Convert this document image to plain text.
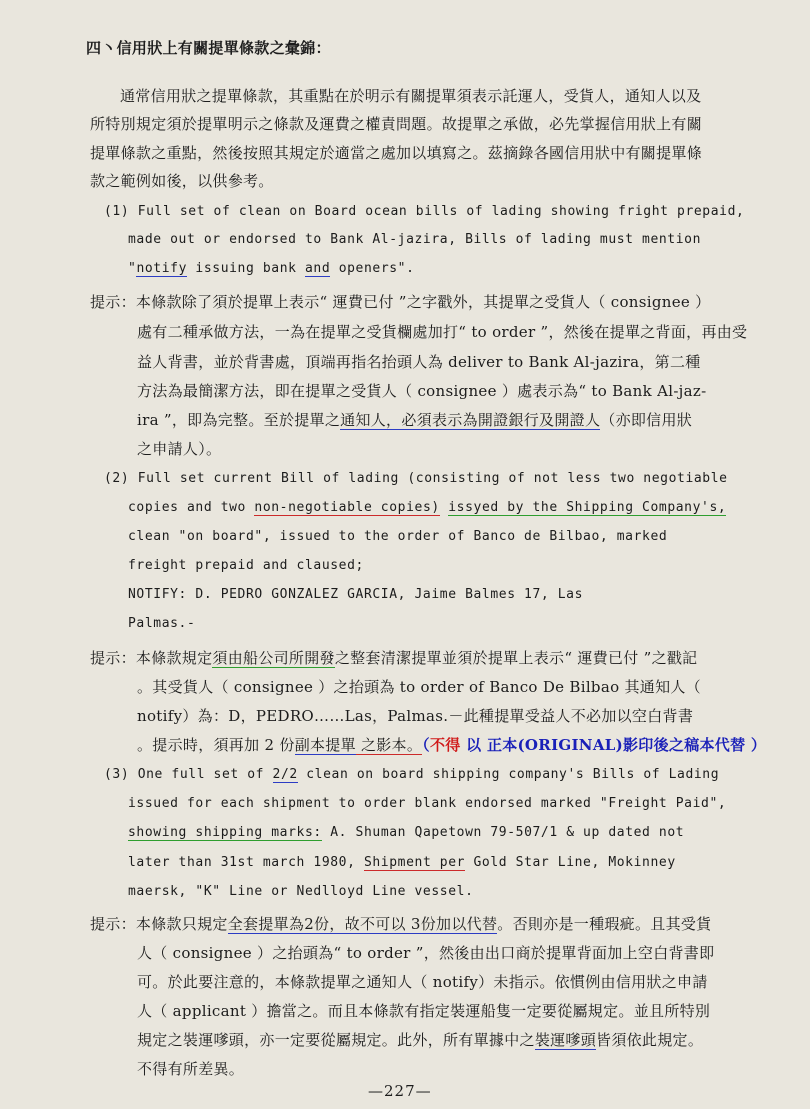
四丶信用狀上有關提單條款之彙錦：

通常信用狀之提單條款，其重點在於明示有關提單須表示託運人，受貨人，通知人以及

所特別規定須於提單明示之條款及運費之權責問題。故提單之承做，必先掌握信用狀上有關

提單條款之重點，然後按照其規定於適當之處加以填寫之。茲摘錄各國信用狀中有關提單條

款之範例如後，以供參考。

(1) Full set of clean on Board ocean bills of lading showing fright prepaid,

made out or endorsed to Bank Al-jazira, Bills of lading must mention

"notify issuing bank and openers".

提示：本條款除了須於提單上表示“ 運費已付 ”之字戳外，其提單之受貨人（ consignee ）

處有二種承做方法，一為在提單之受貨欄處加打“ to order ”，然後在提單之背面，再由受

益人背書，並於背書處，頂端再指名抬頭人為 deliver to Bank Al-jazira，第二種

方法為最簡潔方法，即在提單之受貨人（ consignee ）處表示為“ to Bank Al-jaz-

ira ”，即為完整。至於提單之通知人，必須表示為開證銀行及開證人（亦即信用狀

之申請人）。

(2) Full set current Bill of lading (consisting of not less two negotiable

copies and two non-negotiable copies) issyed by the Shipping Company's,

clean "on board", issued to the order of Banco de Bilbao, marked

freight prepaid and claused;

NOTIFY: D. PEDRO GONZALEZ GARCIA, Jaime Balmes 17, Las

Palmas.-

提示：本條款規定須由船公司所開發之整套清潔提單並須於提單上表示“ 運費已付 ”之戳記

。其受貨人（ consignee ）之抬頭為 to order of Banco De Bilbao 其通知人（

notify）為：D，PEDRO……Las，Palmas.－此種提單受益人不必加以空白背書

。提示時，須再加 2 份副本提單 之影本。（不得 以 正本(ORIGINAL)影印後之稿本代替 ）

(3) One full set of 2/2 clean on board shipping company's Bills of Lading

issued for each shipment to order blank endorsed marked "Freight Paid",

showing shipping marks: A. Shuman Qapetown 79-507/1 & up dated not

later than 31st march 1980, Shipment per Gold Star Line, Mokinney

maersk, "K" Line or Nedlloyd Line vessel.

提示：本條款只規定全套提單為2份，故不可以 3份加以代替。否則亦是一種瑕疵。且其受貨

人（ consignee ）之抬頭為“ to order ”，然後由出口商於提單背面加上空白背書即

可。於此要注意的，本條款提單之通知人（ notify）未指示。依慣例由信用狀之申請

人（ applicant ）擔當之。而且本條款有指定裝運船隻一定要從屬規定。並且所特別

規定之裝運嗲頭，亦一定要從屬規定。此外，所有單據中之裝運嗲頭皆須依此規定。

不得有所差異。

—227—
